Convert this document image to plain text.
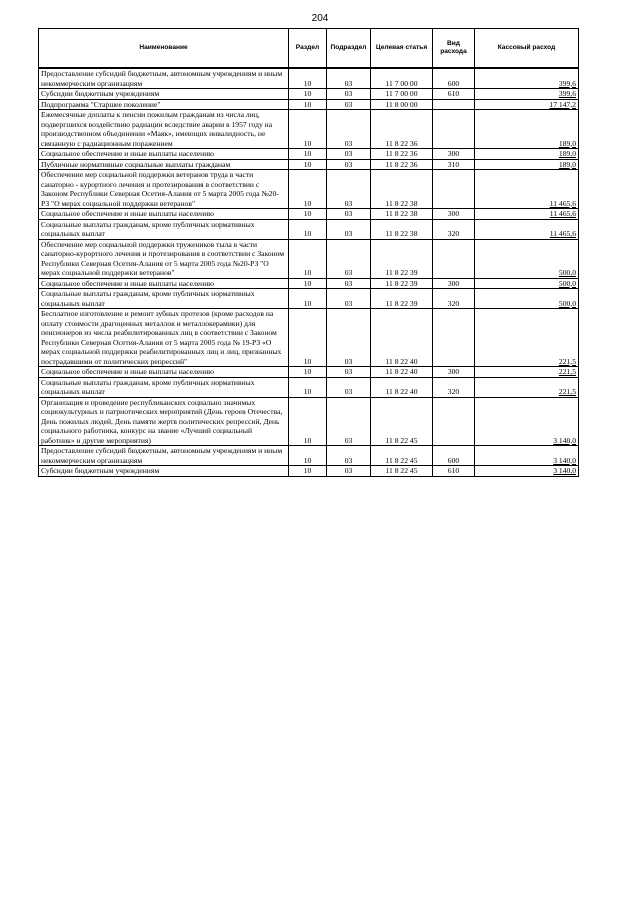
204
Наименование	Раздел	Подраздел	Целевая статья	Вид расхода	Кассовый расход
Предоставление субсидий бюджетным, автономным учреждениям и иным некоммерческим организациям	10	03	11 7 00 00	600	399,6
Субсидии бюджетным учреждениям	10	03	11 7 00 00	610	399,6
Подпрограмма "Старшее поколение"	10	03	11 8 00 00		17 147,2
Ежемесячные доплаты к пенсии пожилым гражданам из числа лиц, подвергшихся воздействию радиации вследствие аварии в 1957 году на производственном объединении «Маяк», имеющих инвалидность, не связанную с радиационным поражением	10	03	11 8 22 36		189,0
Социальное обеспечение и иные выплаты населению	10	03	11 8 22 36	300	189,0
Публичные нормативные социальные выплаты гражданам	10	03	11 8 22 36	310	189,0
Обеспечение мер социальной поддержки ветеранов труда в части санаторно - курортного лечения и протезирования в соответствии с Законом Республики Северная Осетия-Алания от 5 марта 2005 года №20-РЗ "О мерах социальной поддержки ветеранов"	10	03	11 8 22 38		11 465,6
Социальное обеспечение и иные выплаты населению	10	03	11 8 22 38	300	11 465,6
Социальные выплаты гражданам, кроме публичных нормативных социальных выплат	10	03	11 8 22 38	320	11 465,6
Обеспечение мер социальной поддержки тружеников тыла в части санаторно-курортного лечения и протезирования в соответствии с Законом Республики Северная Осетия-Алания от 5 марта 2005 года №20-РЗ "О мерах социальной поддержки ветеранов"	10	03	11 8 22 39		500,0
Социальное обеспечение и иные выплаты населению	10	03	11 8 22 39	300	500,0
Социальные выплаты гражданам, кроме публичных нормативных социальных выплат	10	03	11 8 22 39	320	500,0
Бесплатное изготовление и ремонт зубных протезов (кроме расходов на оплату стоимости драгоценных металлов и металлокерамики) для пенсионеров из числа реабилитированных лиц в соответствии с Законом Республики Северная Осетия-Алания от 5 марта 2005 года № 19-РЗ «О мерах социальной поддержки реабилитированных лиц и лиц, признанных пострадавшими от политических репрессий"	10	03	11 8 22 40		221,5
Социальное обеспечение и иные выплаты населению	10	03	11 8 22 40	300	221,5
Социальные выплаты гражданам, кроме публичных нормативных социальных выплат	10	03	11 8 22 40	320	221,5
Организация и проведение республиканских социально значимых социокультурных и патриотических мероприятий (День героев Отечества, День пожилых людей, День памяти жертв политических репрессий, День социального работника, конкурс на звание «Лучший социальный работник» и другие мероприятия)	10	03	11 8 22 45		3 140,0
Предоставление субсидий бюджетным, автономным учреждениям и иным некоммерческим организациям	10	03	11 8 22 45	600	3 140,0
Субсидии бюджетным учреждениям	10	03	11 8 22 45	610	3 140,0
